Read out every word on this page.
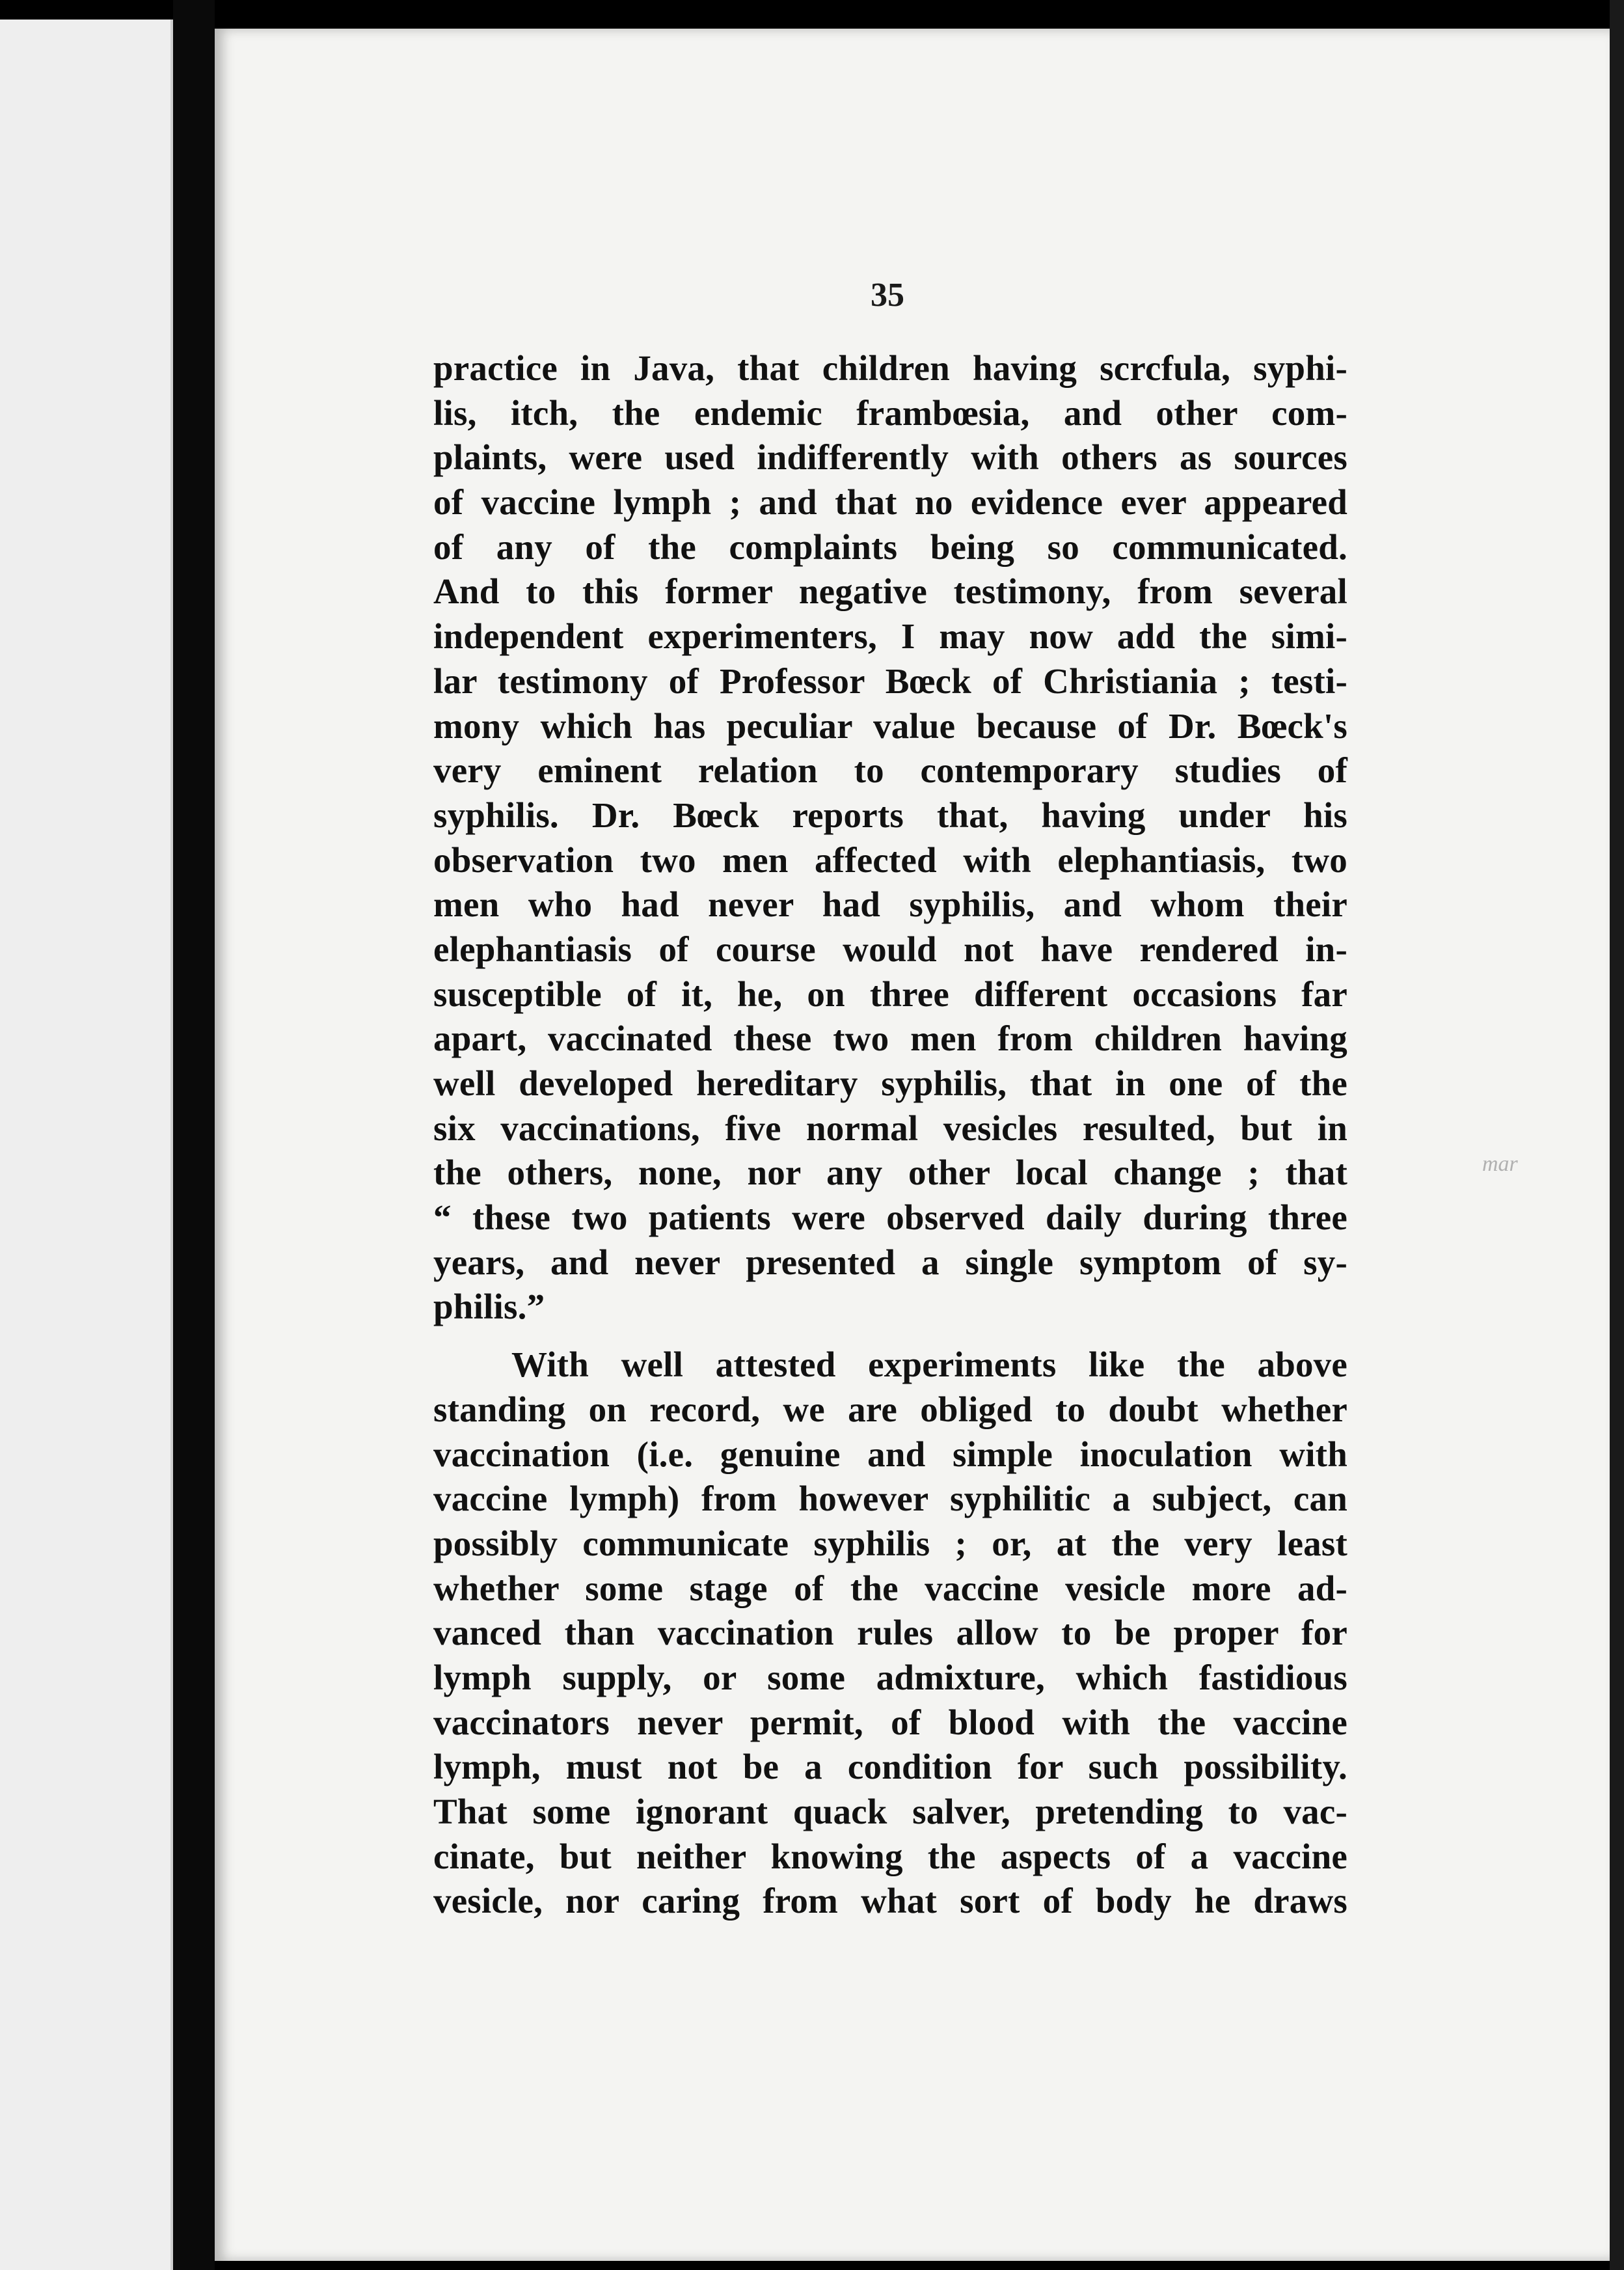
35
mar
practice in Java, that children having scrcfula, syphi-
lis, itch, the endemic frambœsia, and other com-
plaints, were used indifferently with others as sources
of vaccine lymph ; and that no evidence ever appeared
of any of the complaints being so communicated.
And to this former negative testimony, from several
independent experimenters, I may now add the simi-
lar testimony of Professor Bœck of Christiania ; testi-
mony which has peculiar value because of Dr. Bœck's
very eminent relation to contemporary studies of
syphilis. Dr. Bœck reports that, having under his
observation two men affected with elephantiasis, two
men who had never had syphilis, and whom their
elephantiasis of course would not have rendered in-
susceptible of it, he, on three different occasions far
apart, vaccinated these two men from children having
well developed hereditary syphilis, that in one of the
six vaccinations, five normal vesicles resulted, but in
the others, none, nor any other local change ; that
“ these two patients were observed daily during three
years, and never presented a single symptom of sy-
philis.”
With well attested experiments like the above
standing on record, we are obliged to doubt whether
vaccination (i.e. genuine and simple inoculation with
vaccine lymph) from however syphilitic a subject, can
possibly communicate syphilis ; or, at the very least
whether some stage of the vaccine vesicle more ad-
vanced than vaccination rules allow to be proper for
lymph supply, or some admixture, which fastidious
vaccinators never permit, of blood with the vaccine
lymph, must not be a condition for such possibility.
That some ignorant quack salver, pretending to vac-
cinate, but neither knowing the aspects of a vaccine
vesicle, nor caring from what sort of body he draws
